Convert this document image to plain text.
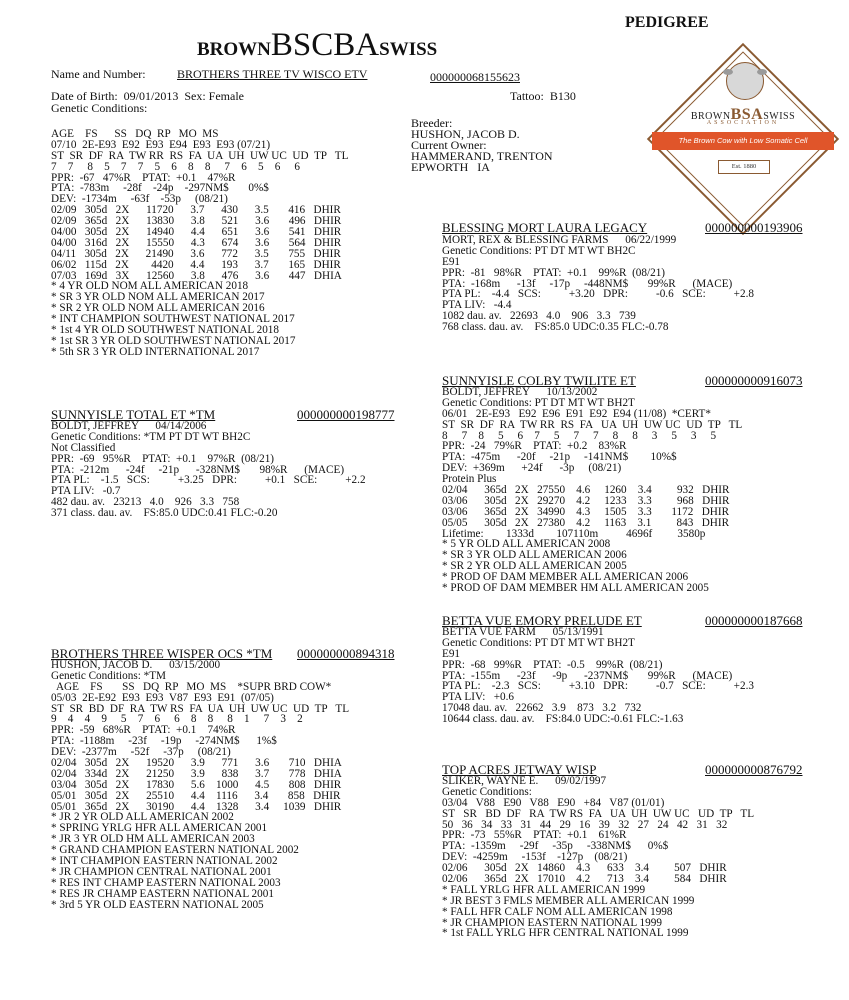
PEDIGREE
BROWNBSCBASWISS
BROWNBSASWISS
ASSOCIATION
The Brown Cow with Low Somatic Cell
Est. 1880
Name and Number:	BROTHERS THREE TV WISCO ETV	000000068155623
Date of Birth:  09/01/2013  Sex: Female	Tattoo:  B130
Genetic Conditions:
AGE    FS      SS   DQ  RP   MO  MS
07/10  2E-E93  E92  E93  E94  E93  E93 (07/21)
ST  SR  DF  RA  TW RR  RS  FA  UA  UH  UW UC  UD  TP   TL
7    7     8    5    7    7    5    6    8    8     7    6    5    6     6
PPR:  -67   47%R    PTAT:  +0.1    47%R
PTA:  -783m     -28f    -24p    -297NM$       0%$
DEV:  -1734m     -63f    -53p     (08/21)
02/09   305d   2X      11720      3.7      430      3.5       416   DHIR
02/09   365d   2X      13830      3.8      521      3.6       496   DHIR
04/00   305d   2X      14940      4.4      651      3.6       541   DHIR
04/00   316d   2X      15550      4.3      674      3.6       564   DHIR
04/11   305d   2X      21490      3.6      772      3.5       755   DHIR
06/02   115d   2X        4420      4.4      193      3.7       165   DHIR
07/03   169d   3X      12560      3.8      476      3.6       447   DHIA
* 4 YR OLD NOM ALL AMERICAN 2018
* SR 3 YR OLD NOM ALL AMERICAN 2017
* SR 2 YR OLD NOM ALL AMERICAN 2016
* INT CHAMPION SOUTHWEST NATIONAL 2017
* 1st 4 YR OLD SOUTHWEST NATIONAL 2018
* 1st SR 3 YR OLD SOUTHWEST NATIONAL 2017
* 5th SR 3 YR OLD INTERNATIONAL 2017
Breeder:
HUSHON, JACOB D.
Current Owner:
HAMMERAND, TRENTON
EPWORTH   IA
SUNNYISLE TOTAL ET *TM	000000000198777
BOLDT, JEFFREY      04/14/2006
Genetic Conditions: *TM PT DT WT BH2C
Not Classified
PPR:  -69   95%R    PTAT:  +0.1    97%R  (08/21)
PTA:  -212m      -24f     -21p      -328NM$       98%R      (MACE)
PTA PL:    -1.5   SCS:          +3.25   DPR:          +0.1   SCE:          +2.2
PTA LIV:   -0.7
482 dau. av.   23213   4.0    926   3.3   758
371 class. dau. av.    FS:85.0 UDC:0.41 FLC:-0.20
BROTHERS THREE WISPER OCS *TM 000000000894318
HUSHON, JACOB D.      03/15/2000
Genetic Conditions: *TM
AGE    FS       SS   DQ  RP   MO  MS    *SUPR BRD COW*
05/03  2E-E92  E93  E93  V87  E93  E91  (07/05)
ST  SR  BD  DF  RA  TW RS  FA  UA  UH  UW UC  UD  TP   TL
9    4    4    9     5    7    6     6    8    8     8    1     7    3    2
PPR:  -59   68%R    PTAT:  +0.1    74%R
PTA:  -1188m     -23f     -19p     -274NM$      1%$
DEV:  -2377m     -52f     -37p     (08/21)
02/04   305d   2X      19520      3.9      771      3.6       710   DHIA
02/04   334d   2X      21250      3.9      838      3.7       778   DHIA
03/04   305d   2X      17830      5.6    1000      4.5       808   DHIR
05/01   305d   2X      25510      4.4    1116      3.4       858   DHIR
05/01   365d   2X      30190      4.4    1328      3.4     1039   DHIR
* JR 2 YR OLD ALL AMERICAN 2002
* SPRING YRLG HFR ALL AMERICAN 2001
* JR 3 YR OLD HM ALL AMERICAN 2003
* GRAND CHAMPION EASTERN NATIONAL 2002
* INT CHAMPION EASTERN NATIONAL 2002
* JR CHAMPION CENTRAL NATIONAL 2001
* RES INT CHAMP EASTERN NATIONAL 2003
* RES JR CHAMP EASTERN NATIONAL 2001
* 3rd 5 YR OLD EASTERN NATIONAL 2005
BLESSING MORT LAURA LEGACY	000000000193906
MORT, REX & BLESSING FARMS      06/22/1999
Genetic Conditions: PT DT MT WT BH2C
E91
PPR:  -81   98%R    PTAT:  +0.1    99%R  (08/21)
PTA:  -168m      -13f     -17p     -448NM$       99%R      (MACE)
PTA PL:    -4.4   SCS:          +3.20   DPR:          -0.6   SCE:          +2.8
PTA LIV:   -4.4
1082 dau. av.   22693   4.0    906   3.3   739
768 class. dau. av.    FS:85.0 UDC:0.35 FLC:-0.78
SUNNYISLE COLBY TWILITE ET	000000000916073
BOLDT, JEFFREY      10/13/2002
Genetic Conditions: PT DT MT WT BH2T
06/01   2E-E93   E92  E96  E91  E92  E94 (11/08)  *CERT*
ST  SR  DF  RA  TW RR  RS  FA   UA  UH  UW UC  UD  TP   TL
8     7    8     5     6    7     5     7     7     8     8     3     5     3     5
PPR:  -24   79%R    PTAT:  +0.2    83%R
PTA:  -475m      -20f     -21p     -141NM$        10%$
DEV:  +369m      +24f      -3p     (08/21)
Protein Plus
02/04      365d   2X   27550    4.6     1260    3.4         932   DHIR
03/06      305d   2X   29270    4.2     1233    3.3         968   DHIR
03/06      365d   2X   34990    4.3     1505    3.3       1172   DHIR
05/05      305d   2X   27380    4.2     1163    3.1         843   DHIR
Lifetime:        1333d        107110m          4696f         3580p
* 5 YR OLD ALL AMERICAN 2008
* SR 3 YR OLD ALL AMERICAN 2006
* SR 2 YR OLD ALL AMERICAN 2005
* PROD OF DAM MEMBER ALL AMERICAN 2006
* PROD OF DAM MEMBER HM ALL AMERICAN 2005
BETTA VUE EMORY PRELUDE ET	000000000187668
BETTA VUE FARM      05/13/1991
Genetic Conditions: PT DT MT WT BH2T
E91
PPR:  -68   99%R    PTAT:  -0.5    99%R  (08/21)
PTA:  -155m      -23f      -9p      -237NM$       99%R      (MACE)
PTA PL:    -2.3   SCS:          +3.10   DPR:          -0.7   SCE:          +2.3
PTA LIV:   +0.6
17048 dau. av.   22662   3.9    873   3.2   732
10644 class. dau. av.    FS:84.0 UDC:-0.61 FLC:-1.63
TOP ACRES JETWAY WISP	000000000876792
SLIKER, WAYNE E.      09/02/1997
Genetic Conditions:
03/04   V88   E90   V88   E90   +84   V87 (01/01)
ST   SR   BD  DF   RA  TW RS  FA   UA  UH  UW UC   UD  TP   TL
50   36   34   33   31   44   29   16   39   32   27   24   42   31   32
PPR:  -73   55%R    PTAT:  +0.1    61%R
PTA:  -1359m     -29f     -35p     -338NM$      0%$
DEV:  -4259m     -153f    -127p    (08/21)
02/06      305d   2X   14860    4.3      633    3.4         507   DHIR
02/06      365d   2X   17010    4.2      713    3.4         584   DHIR
* FALL YRLG HFR ALL AMERICAN 1999
* JR BEST 3 FMLS MEMBER ALL AMERICAN 1999
* FALL HFR CALF NOM ALL AMERICAN 1998
* JR CHAMPION EASTERN NATIONAL 1999
* 1st FALL YRLG HFR CENTRAL NATIONAL 1999
